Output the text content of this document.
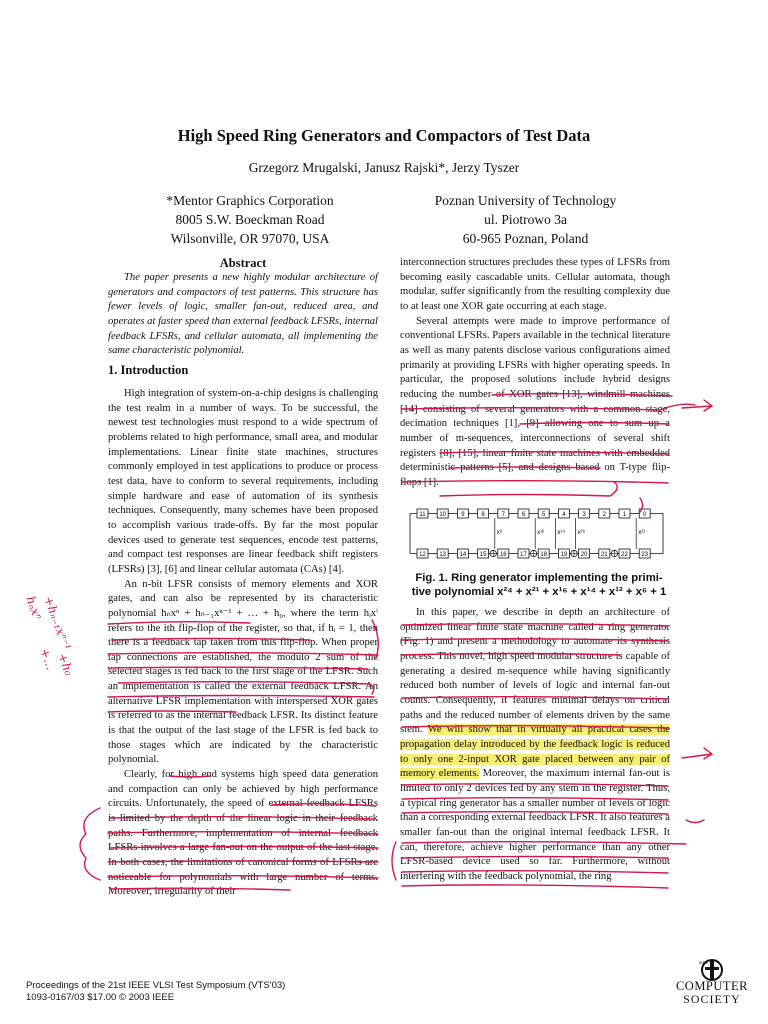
High Speed Ring Generators and Compactors of Test Data
Grzegorz Mrugalski, Janusz Rajski*, Jerzy Tyszer
*Mentor Graphics Corporation
8005 S.W. Boeckman Road
Wilsonville, OR 97070, USA
Poznan University of Technology
ul. Piotrowo 3a
60-965 Poznan, Poland
Abstract

The paper presents a new highly modular architecture of generators and compactors of test patterns. This structure has fewer levels of logic, smaller fan-out, reduced area, and operates at faster speed than external feedback LFSRs, internal feedback LFSRs, and cellular automata, all implementing the same characteristic polynomial.

1. Introduction

High integration of system-on-a-chip designs is challenging the test realm in a number of ways. To be successful, the newest test technologies must respond to a wide spectrum of problems related to high performance, small area, and modular implementations. Linear finite state machines, structures commonly employed in test applications to produce or process test data, have to conform to several requirements, including simple hardware and ease of automation of its synthesis techniques. Consequently, many schemes have been proposed to accomplish various trade-offs. By far the most popular devices used to generate test sequences, encode test patterns, and compact test responses are linear feedback shift registers (LFSRs) [3], [6] and linear cellular automata (CAs) [4].

An n-bit LFSR consists of memory elements and XOR gates, and can also be represented by its characteristic polynomial hₙxⁿ + hₙ₋₁xⁿ⁻¹ + … + h₀, where the term hᵢxⁱ refers to the ith flip-flop of the register, so that, if hᵢ = 1, then there is a feedback tap taken from this flip-flop. When proper tap connections are established, the modulo 2 sum of the selected stages is fed back to the first stage of the LFSR. Such an implementation is called the external feedback LFSR. An alternative LFSR implementation with interspersed XOR gates is referred to as the internal feedback LFSR. Its distinct feature is that the output of the last stage of the LFSR is fed back to those stages which are indicated by the characteristic polynomial.

Clearly, for high end systems high speed data generation and compaction can only be achieved by high performance circuits. Unfortunately, the speed of external feedback LFSRs is limited by the depth of the linear logic in their feedback paths. Furthermore, implementation of internal feedback LFSRs involves a large fan-out on the output of the last stage. In both cases, the limitations of canonical forms of LFSRs are noticeable for polynomials with large number of terms. Moreover, irregularity of their

interconnection structures precludes these types of LFSRs from becoming easily cascadable units. Cellular automata, though modular, suffer significantly from the resulting complexity due to at least one XOR gate occurring at each stage.

Several attempts were made to improve performance of conventional LFSRs. Papers available in the technical literature as well as many patents disclose various configurations aimed primarily at providing LFSRs with higher operating speeds. In particular, the proposed solutions include hybrid designs reducing the number of XOR gates [13], windmill machines [14] consisting of several generators with a common stage, decimation techniques [1], [9] allowing one to sum up a number of m-sequences, interconnections of several shift registers [8], [15], linear finite state machines with embedded deterministic patterns [5], and designs based on T-type flip-flops [1].

11 10	9	8	7	6	5	4	3	2	1	0
12 13 14 15 16 17 18 19 20 21 22 23
x⁶	x¹² x¹⁴ x¹⁶	x²¹
Fig. 1. Ring generator implementing the primi-
tive polynomial x²⁴ + x²¹ + x¹⁶ + x¹⁴ + x¹² + x⁶ + 1

In this paper, we describe in depth an architecture of optimized linear finite state machine called a ring generator (Fig. 1) and present a methodology to automate its synthesis process. This novel, high speed modular structure is capable of generating a desired m-sequence while having significantly reduced both number of levels of logic and internal fan-out counts. Consequently, it features minimal delays on critical paths and the reduced number of elements driven by the same stem. We will show that in virtually all practical cases the propagation delay introduced by the feedback logic is reduced to only one 2-input XOR gate placed between any pair of memory elements. Moreover, the maximum internal fan-out is limited to only 2 devices fed by any stem in the register. Thus, a typical ring generator has a smaller number of levels of logic than a corresponding external feedback LFSR. It also features a smaller fan-out than the original internal feedback LFSR. It can, therefore, achieve higher performance than any other LFSR-based device used so far. Furthermore, without interfering with the feedback polynomial, the ring

Proceedings of the 21st IEEE VLSI Test Symposium (VTS'03)
1093-0167/03 $17.00 © 2003 IEEE
IEEE
COMPUTER
SOCIETY
hₙxⁿ
+hₙ₋₁xⁿ⁻¹
+…
+h₀
